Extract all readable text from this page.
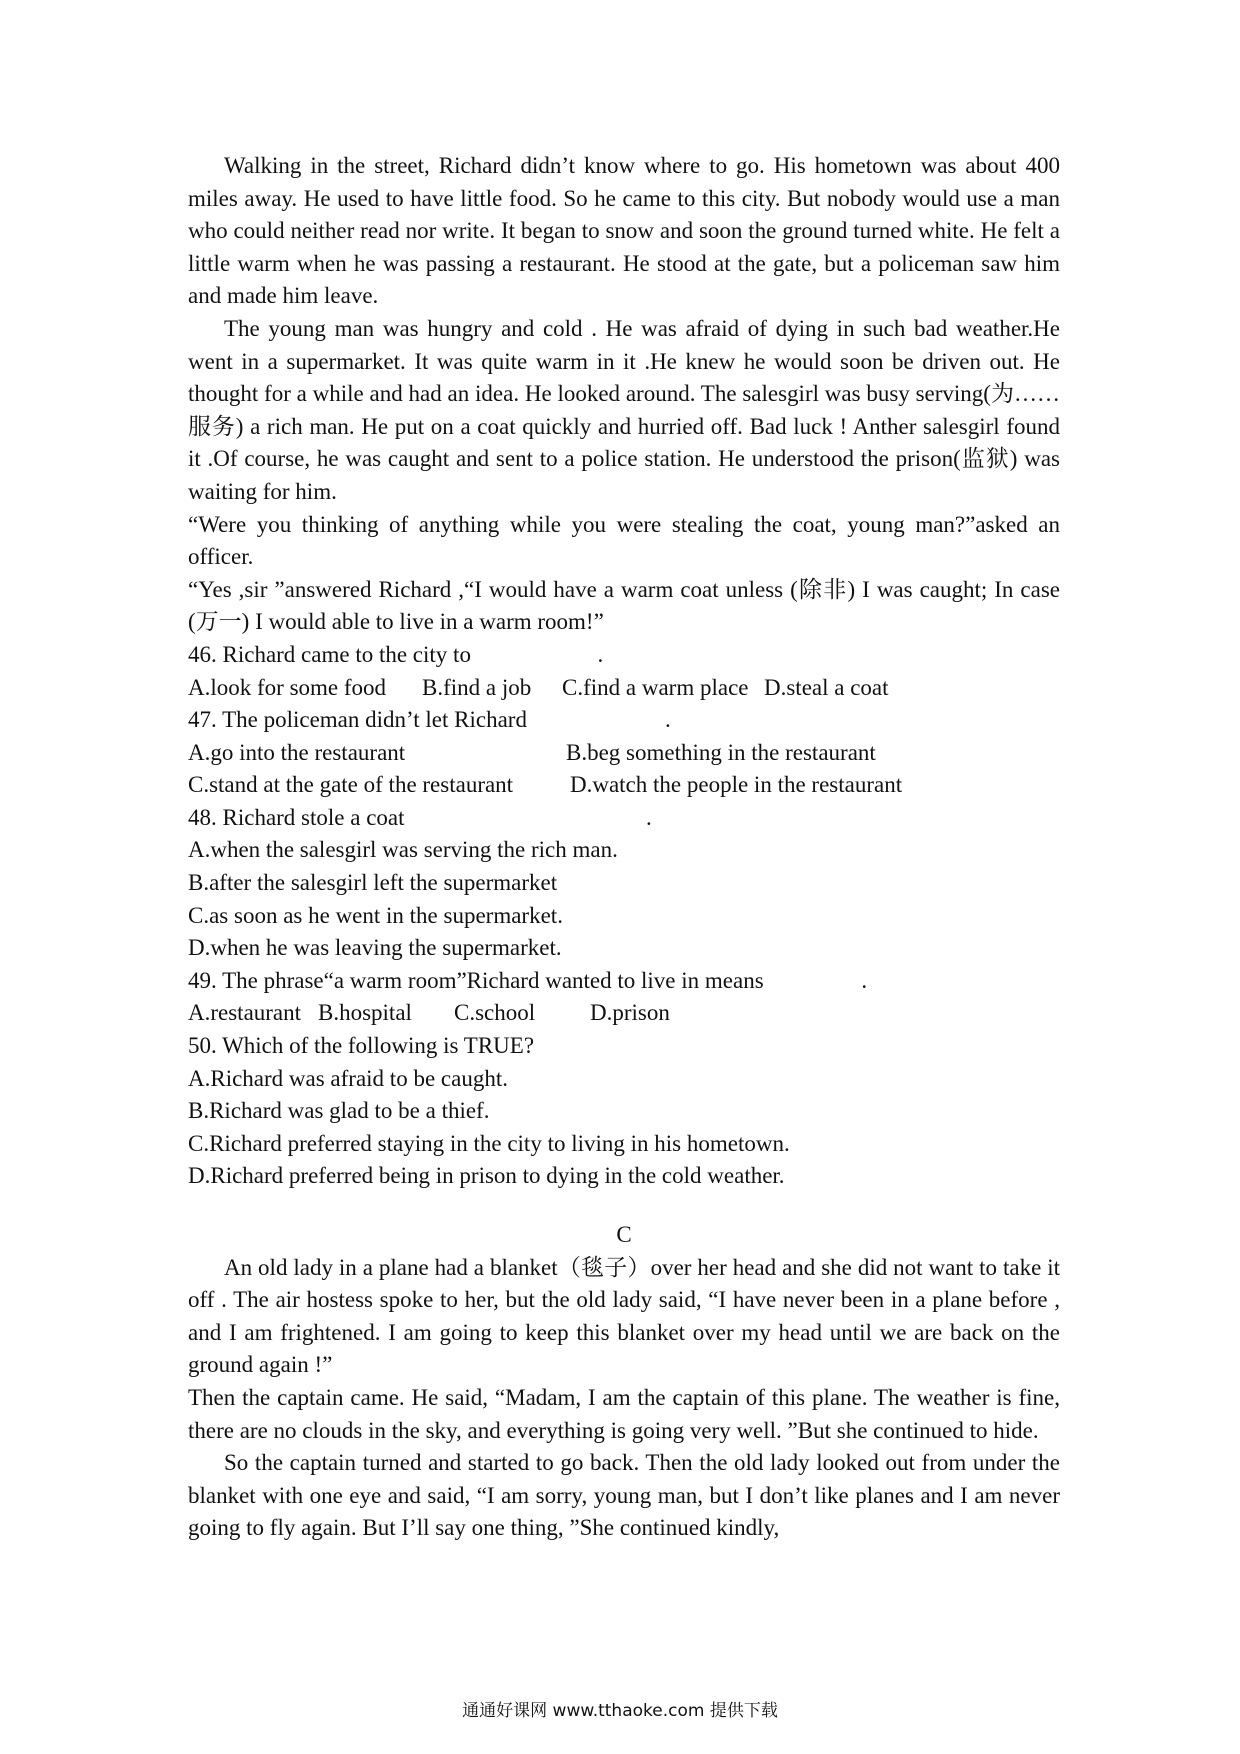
Walking in the street, Richard didn’t know where to go. His hometown was about 400 miles away. He used to have little food. So he came to this city. But nobody would use a man who could neither read nor write. It began to snow and soon the ground turned white. He felt a little warm when he was passing a restaurant. He stood at the gate, but a policeman saw him and made him leave.

The young man was hungry and cold . He was afraid of dying in such bad weather.He went in a supermarket. It was quite warm in it .He knew he would soon be driven out. He thought for a while and had an idea. He looked around. The salesgirl was busy serving(为……服务) a rich man. He put on a coat quickly and hurried off. Bad luck ! Anther salesgirl found it .Of course, he was caught and sent to a police station. He understood the prison(监狱) was waiting for him.

“Were you thinking of anything while you were stealing the coat, young man?”asked an officer.

“Yes ,sir ”answered Richard ,“I would have a warm coat unless (除非) I was caught; In case　(万一) I would able to live in a warm room!”

46. Richard came to the city to                      .

A.look for some food	B.find a job	C.find a warm place D.steal a coat

47. The policeman didn’t let Richard                        .

A.go into the restaurant	B.beg something in the restaurant
C.stand at the gate of the restaurant	D.watch the people in the restaurant

48. Richard stole a coat                                          .

A.when the salesgirl was serving the rich man.

B.after the salesgirl left the supermarket

C.as soon as he went in the supermarket.

D.when he was leaving the supermarket.

49. The phrase“a warm room”Richard wanted to live in means                 .

A.restaurant B.hospital	C.school	D.prison

50. Which of the following is TRUE?

A.Richard was afraid to be caught.

B.Richard was glad to be a thief.

C.Richard preferred staying in the city to living in his hometown.

D.Richard preferred being in prison to dying in the cold weather.

C

An old lady in a plane had a blanket（毯子）over her head and she did not want to take it off . The air hostess spoke to her, but the old lady said, “I have never been in a plane before , and I am frightened. I am going to keep this blanket over my head until we are back on the ground again !”

Then the captain came. He said, “Madam, I am the captain of this plane. The weather is fine, there are no clouds in the sky, and everything is going very well. ”But she continued to hide.

So the captain turned and started to go back. Then the old lady looked out from under the blanket with one eye and said, “I am sorry, young man, but I don’t like planes and I am never going to fly again. But I’ll say one thing, ”She continued kindly,

通通好课网 www.tthaoke.com 提供下载
